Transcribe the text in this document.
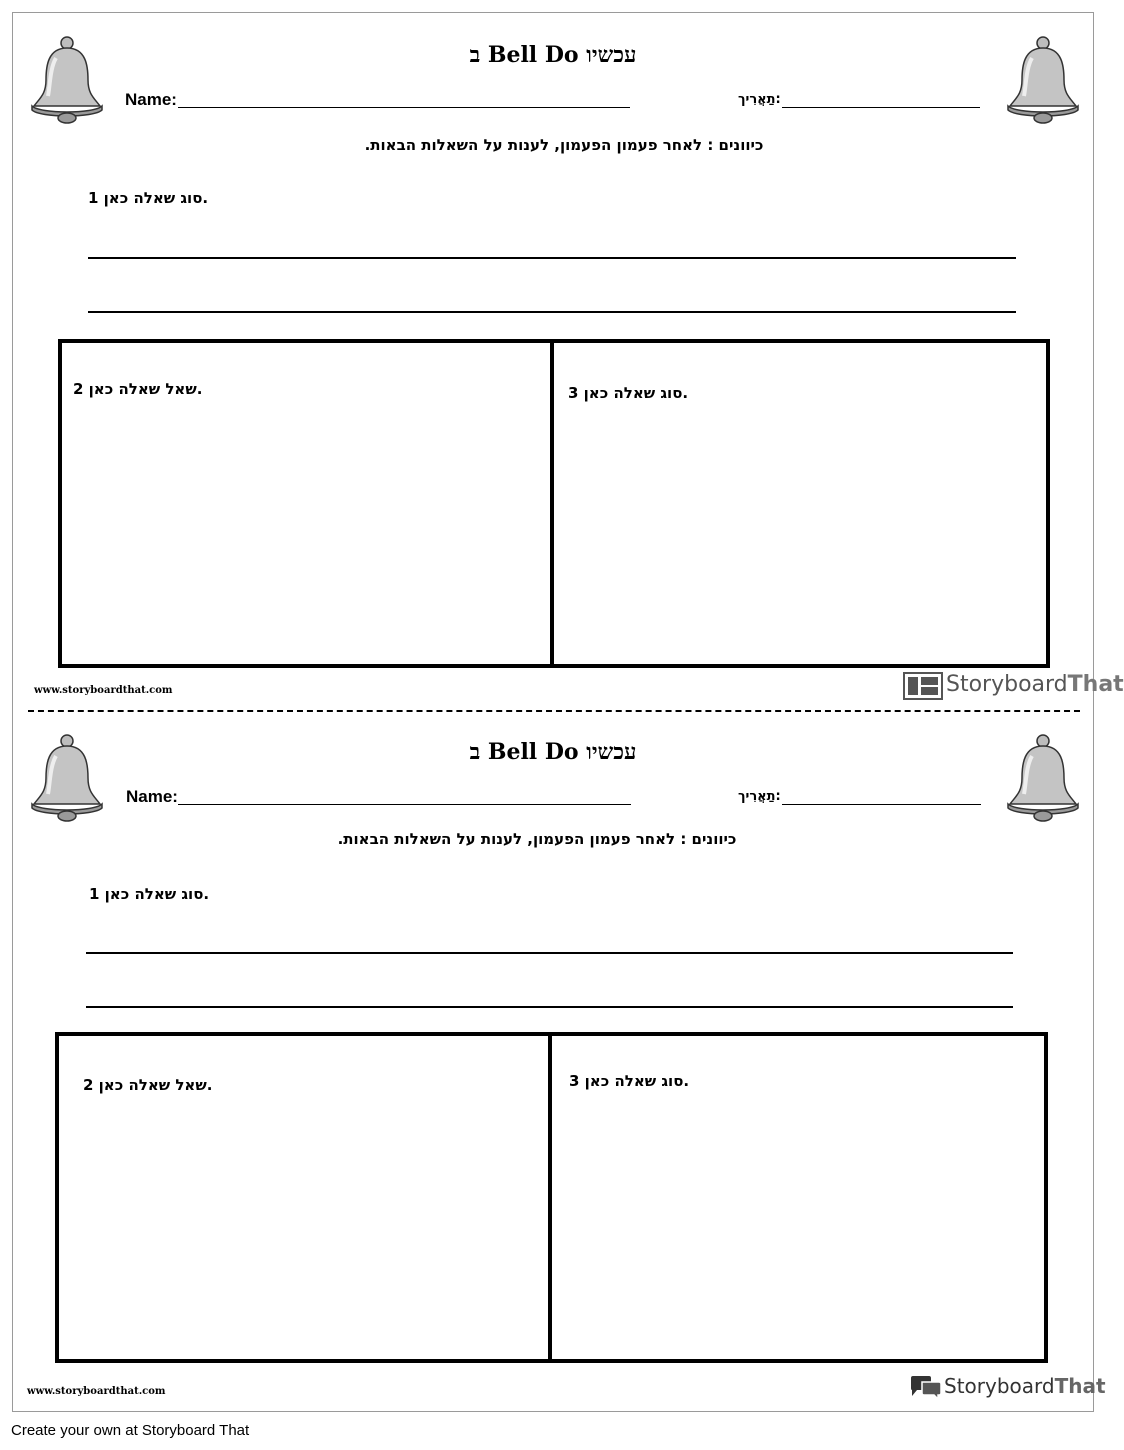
ב Bell Do עכשיו
Name:	תַאֲרִיך:
כיוונים : לאחר פעמון הפעמון, לענות על השאלות הבאות.
סוג שאלה כאן 1.
שאל שאלה כאן 2.	סוג שאלה כאן 3.
www.storyboardthat.com	StoryboardThat
ב Bell Do עכשיו
Name:	תַאֲרִיך:
כיוונים : לאחר פעמון הפעמון, לענות על השאלות הבאות.
סוג שאלה כאן 1.
שאל שאלה כאן 2.	סוג שאלה כאן 3.
www.storyboardthat.com	StoryboardThat
Create your own at Storyboard That
